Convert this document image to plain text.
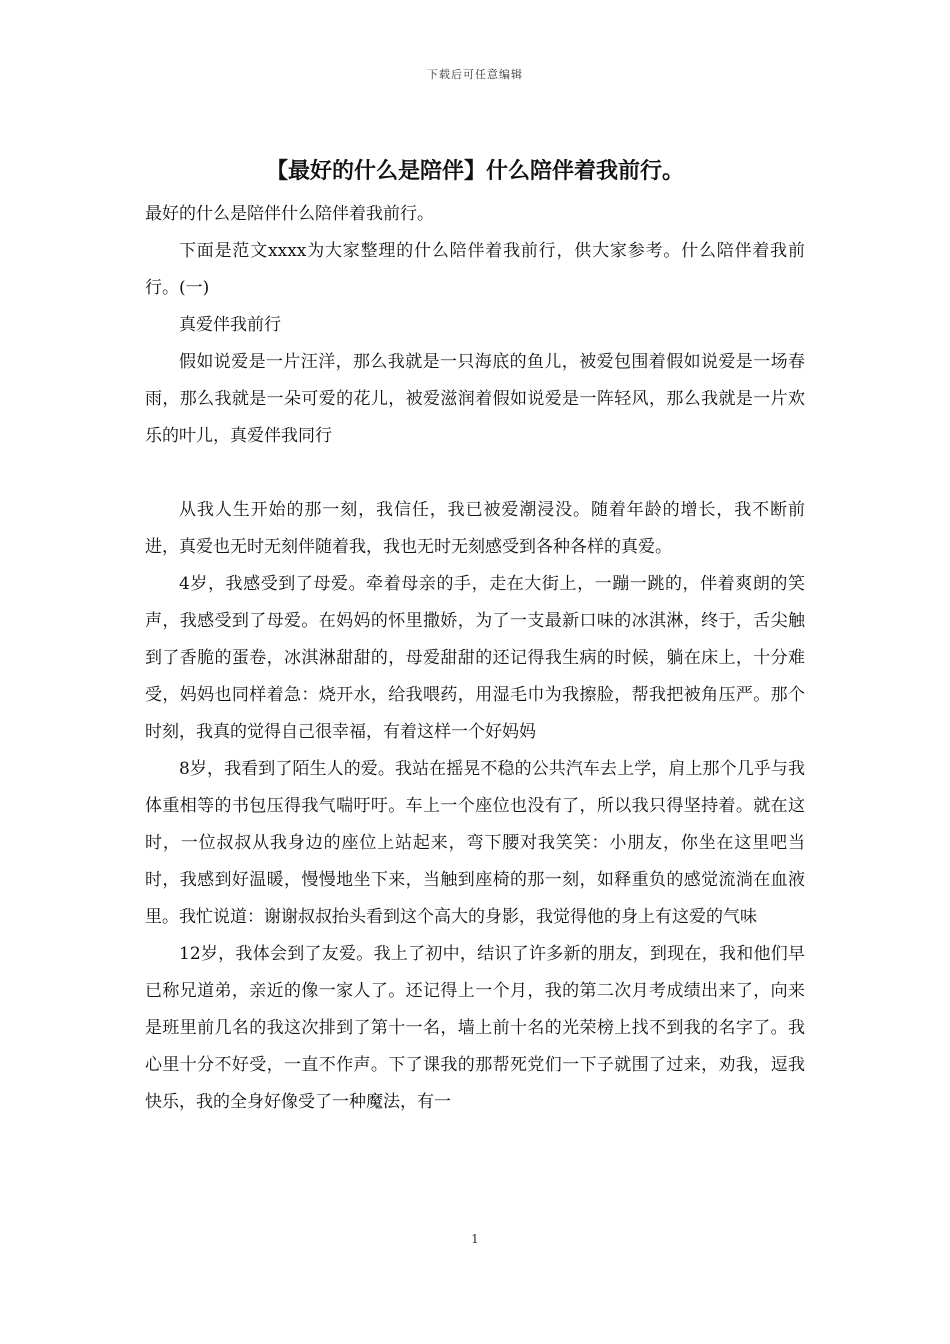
下载后可任意编辑
【最好的什么是陪伴】什么陪伴着我前行。

最好的什么是陪伴什么陪伴着我前行。

下面是范文xxxx为大家整理的什么陪伴着我前行，供大家参考。什么陪伴着我前行。(一)

真爱伴我前行

假如说爱是一片汪洋，那么我就是一只海底的鱼儿，被爱包围着假如说爱是一场春雨，那么我就是一朵可爱的花儿，被爱滋润着假如说爱是一阵轻风，那么我就是一片欢乐的叶儿，真爱伴我同行

从我人生开始的那一刻，我信任，我已被爱潮浸没。随着年龄的增长，我不断前进，真爱也无时无刻伴随着我，我也无时无刻感受到各种各样的真爱。

4岁，我感受到了母爱。牵着母亲的手，走在大街上，一蹦一跳的，伴着爽朗的笑声，我感受到了母爱。在妈妈的怀里撒娇，为了一支最新口味的冰淇淋，终于，舌尖触到了香脆的蛋卷，冰淇淋甜甜的，母爱甜甜的还记得我生病的时候，躺在床上，十分难受，妈妈也同样着急：烧开水，给我喂药，用湿毛巾为我擦脸，帮我把被角压严。那个时刻，我真的觉得自己很幸福，有着这样一个好妈妈

8岁，我看到了陌生人的爱。我站在摇晃不稳的公共汽车去上学，肩上那个几乎与我体重相等的书包压得我气喘吁吁。车上一个座位也没有了，所以我只得坚持着。就在这时，一位叔叔从我身边的座位上站起来，弯下腰对我笑笑：小朋友，你坐在这里吧当时，我感到好温暖，慢慢地坐下来，当触到座椅的那一刻，如释重负的感觉流淌在血液里。我忙说道：谢谢叔叔抬头看到这个高大的身影，我觉得他的身上有这爱的气味

12岁，我体会到了友爱。我上了初中，结识了许多新的朋友，到现在，我和他们早已称兄道弟，亲近的像一家人了。还记得上一个月，我的第二次月考成绩出来了，向来是班里前几名的我这次排到了第十一名，墙上前十名的光荣榜上找不到我的名字了。我心里十分不好受，一直不作声。下了课我的那帮死党们一下子就围了过来，劝我，逗我快乐，我的全身好像受了一种魔法，有一

1
